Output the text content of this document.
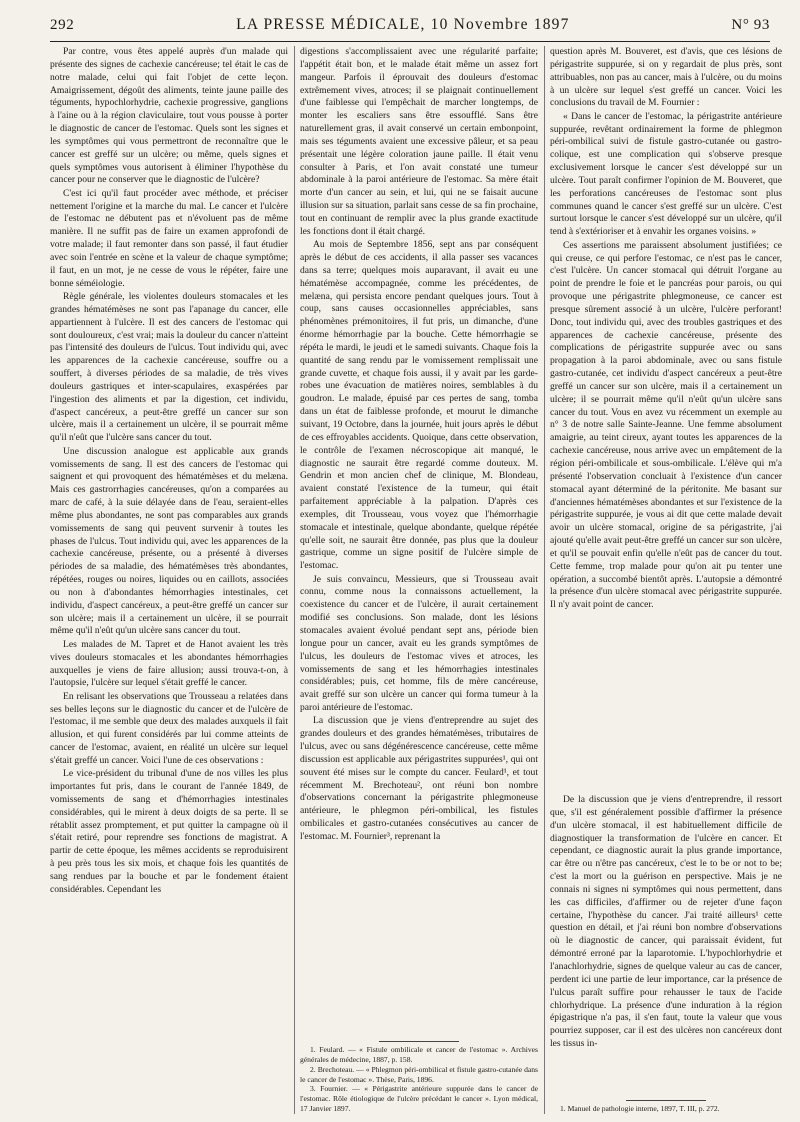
292	LA PRESSE MÉDICALE, 10 Novembre 1897	N° 93

Par contre, vous êtes appelé auprès d'un malade qui présente des signes de cachexie cancéreuse; tel était le cas de notre malade, celui qui fait l'objet de cette leçon. Amaigrissement, dégoût des aliments, teinte jaune paille des téguments, hypochlorhydrie, cachexie progressive, ganglions à l'aine ou à la région claviculaire, tout vous pousse à porter le diagnostic de cancer de l'estomac. Quels sont les signes et les symptômes qui vous permettront de reconnaître que le cancer est greffé sur un ulcère; ou même, quels signes et quels symptômes vous autorisent à éliminer l'hypothèse du cancer pour ne conserver que le diagnostic de l'ulcère?

C'est ici qu'il faut procéder avec méthode, et préciser nettement l'origine et la marche du mal. Le cancer et l'ulcère de l'estomac ne débutent pas et n'évoluent pas de même manière. Il ne suffit pas de faire un examen approfondi de votre malade; il faut remonter dans son passé, il faut étudier avec soin l'entrée en scène et la valeur de chaque symptôme; il faut, en un mot, je ne cesse de vous le répéter, faire une bonne séméiologie.

Règle générale, les violentes douleurs stomacales et les grandes hématémèses ne sont pas l'apanage du cancer, elle appartiennent à l'ulcère. Il est des cancers de l'estomac qui sont douloureux, c'est vrai; mais la douleur du cancer n'atteint pas l'intensité des douleurs de l'ulcus. Tout individu qui, avec les apparences de la cachexie cancéreuse, souffre ou a souffert, à diverses périodes de sa maladie, de très vives douleurs gastriques et inter-scapulaires, exaspérées par l'ingestion des aliments et par la digestion, cet individu, d'aspect cancéreux, a peut-être greffé un cancer sur son ulcère, mais il a certainement un ulcère, il se pourrait même qu'il n'eût que l'ulcère sans cancer du tout.

Une discussion analogue est applicable aux grands vomissements de sang. Il est des cancers de l'estomac qui saignent et qui provoquent des hématémèses et du melæna. Mais ces gastrorrhagies cancéreuses, qu'on a comparées au marc de café, à la suie délayée dans de l'eau, seraient-elles même plus abondantes, ne sont pas comparables aux grands vomissements de sang qui peuvent survenir à toutes les phases de l'ulcus. Tout individu qui, avec les apparences de la cachexie cancéreuse, présente, ou a présenté à diverses périodes de sa maladie, des hématémèses très abondantes, répétées, rouges ou noires, liquides ou en caillots, associées ou non à d'abondantes hémorrhagies intestinales, cet individu, d'aspect cancéreux, a peut-être greffé un cancer sur son ulcère; mais il a certainement un ulcère, il se pourrait même qu'il n'eût qu'un ulcère sans cancer du tout.

Les malades de M. Tapret et de Hanot avaient les très vives douleurs stomacales et les abondantes hémorrhagies auxquelles je viens de faire allusion; aussi trouva-t-on, à l'autopsie, l'ulcère sur lequel s'était greffé le cancer.

En relisant les observations que Trousseau a relatées dans ses belles leçons sur le diagnostic du cancer et de l'ulcère de l'estomac, il me semble que deux des malades auxquels il fait allusion, et qui furent considérés par lui comme atteints de cancer de l'estomac, avaient, en réalité un ulcère sur lequel s'était greffé un cancer. Voici l'une de ces observations :

Le vice-président du tribunal d'une de nos villes les plus importantes fut pris, dans le courant de l'année 1849, de vomissements de sang et d'hémorrhagies intestinales considérables, qui le mirent à deux doigts de sa perte. Il se rétablit assez promptement, et put quitter la campagne où il s'était retiré, pour reprendre ses fonctions de magistrat. A partir de cette époque, les mêmes accidents se reproduisirent à peu près tous les six mois, et chaque fois les quantités de sang rendues par la bouche et par le fondement étaient considérables. Cependant les

digestions s'accomplissaient avec une régularité parfaite; l'appétit était bon, et le malade était même un assez fort mangeur. Parfois il éprouvait des douleurs d'estomac extrêmement vives, atroces; il se plaignait continuellement d'une faiblesse qui l'empêchait de marcher longtemps, de monter les escaliers sans être essoufflé. Sans être naturellement gras, il avait conservé un certain embonpoint, mais ses téguments avaient une excessive pâleur, et sa peau présentait une légère coloration jaune paille. Il était venu consulter à Paris, et l'on avait constaté une tumeur abdominale à la paroi antérieure de l'estomac. Sa mère était morte d'un cancer au sein, et lui, qui ne se faisait aucune illusion sur sa situation, parlait sans cesse de sa fin prochaine, tout en continuant de remplir avec la plus grande exactitude les fonctions dont il était chargé.

Au mois de Septembre 1856, sept ans par conséquent après le début de ces accidents, il alla passer ses vacances dans sa terre; quelques mois auparavant, il avait eu une hématémèse accompagnée, comme les précédentes, de melæna, qui persista encore pendant quelques jours. Tout à coup, sans causes occasionnelles appréciables, sans phénomènes prémonitoires, il fut pris, un dimanche, d'une énorme hémorrhagie par la bouche. Cette hémorrhagie se répéta le mardi, le jeudi et le samedi suivants. Chaque fois la quantité de sang rendu par le vomissement remplissait une grande cuvette, et chaque fois aussi, il y avait par les garde-robes une évacuation de matières noires, semblables à du goudron. Le malade, épuisé par ces pertes de sang, tomba dans un état de faiblesse profonde, et mourut le dimanche suivant, 19 Octobre, dans la journée, huit jours après le début de ces effroyables accidents. Quoique, dans cette observation, le contrôle de l'examen nécroscopique ait manqué, le diagnostic ne saurait être regardé comme douteux. M. Gendrin et mon ancien chef de clinique, M. Blondeau, avaient constaté l'existence de la tumeur, qui était parfaitement appréciable à la palpation. D'après ces exemples, dit Trousseau, vous voyez que l'hémorrhagie stomacale et intestinale, quelque abondante, quelque répétée qu'elle soit, ne saurait être donnée, pas plus que la douleur gastrique, comme un signe positif de l'ulcère simple de l'estomac.

Je suis convaincu, Messieurs, que si Trousseau avait connu, comme nous la connaissons actuellement, la coexistence du cancer et de l'ulcère, il aurait certainement modifié ses conclusions. Son malade, dont les lésions stomacales avaient évolué pendant sept ans, période bien longue pour un cancer, avait eu les grands symptômes de l'ulcus, les douleurs de l'estomac vives et atroces, les vomissements de sang et les hémorrhagies intestinales considérables; puis, cet homme, fils de mère cancéreuse, avait greffé sur son ulcère un cancer qui forma tumeur à la paroi antérieure de l'estomac.

La discussion que je viens d'entreprendre au sujet des grandes douleurs et des grandes hématémèses, tributaires de l'ulcus, avec ou sans dégénérescence cancéreuse, cette même discussion est applicable aux périgastrites suppurées¹, qui ont souvent été mises sur le compte du cancer. Feulard¹, et tout récemment M. Brechoteau², ont réuni bon nombre d'observations concernant la périgastrite phlegmoneuse antérieure, le phlegmon péri-ombilical, les fistules ombilicales et gastro-cutanées consécutives au cancer de l'estomac. M. Fournier³, reprenant la

1. Feulard. — « Fistule ombilicale et cancer de l'estomac ». Archives générales de médecine, 1887, p. 158.

2. Brechoteau. — « Phlegmon péri-ombilical et fistule gastro-cutanée dans le cancer de l'estomac ». Thèse, Paris, 1896.

3. Fournier. — « Périgastrite antérieure suppurée dans le cancer de l'estomac. Rôle étiologique de l'ulcère précédant le cancer ». Lyon médical, 17 Janvier 1897.

question après M. Bouveret, est d'avis, que ces lésions de périgastrite suppurée, si on y regardait de plus près, sont attribuables, non pas au cancer, mais à l'ulcère, ou du moins à un ulcère sur lequel s'est greffé un cancer. Voici les conclusions du travail de M. Fournier :

« Dans le cancer de l'estomac, la périgastrite antérieure suppurée, revêtant ordinairement la forme de phlegmon péri-ombilical suivi de fistule gastro-cutanée ou gastro-colique, est une complication qui s'observe presque exclusivement lorsque le cancer s'est développé sur un ulcère. Tout paraît confirmer l'opinion de M. Bouveret, que les perforations cancéreuses de l'estomac sont plus communes quand le cancer s'est greffé sur un ulcère. C'est surtout lorsque le cancer s'est développé sur un ulcère, qu'il tend à s'extérioriser et à envahir les organes voisins. »

Ces assertions me paraissent absolument justifiées; ce qui creuse, ce qui perfore l'estomac, ce n'est pas le cancer, c'est l'ulcère. Un cancer stomacal qui détruit l'organe au point de prendre le foie et le pancréas pour parois, ou qui provoque une périgastrite phlegmoneuse, ce cancer est presque sûrement associé à un ulcère, l'ulcère perforant! Donc, tout individu qui, avec des troubles gastriques et des apparences de cachexie cancéreuse, présente des complications de périgastrite suppurée avec ou sans propagation à la paroi abdominale, avec ou sans fistule gastro-cutanée, cet individu d'aspect cancéreux a peut-être greffé un cancer sur son ulcère, mais il a certainement un ulcère; il se pourrait même qu'il n'eût qu'un ulcère sans cancer du tout. Vous en avez vu récemment un exemple au n° 3 de notre salle Sainte-Jeanne. Une femme absolument amaigrie, au teint cireux, ayant toutes les apparences de la cachexie cancéreuse, nous arrive avec un empâtement de la région péri-ombilicale et sous-ombilicale. L'élève qui m'a présenté l'observation concluait à l'existence d'un cancer stomacal ayant déterminé de la péritonite. Me basant sur d'anciennes hématémèses abondantes et sur l'existence de la périgastrite suppurée, je vous ai dit que cette malade devait avoir un ulcère stomacal, origine de sa périgastrite, j'ai ajouté qu'elle avait peut-être greffé un cancer sur son ulcère, et qu'il se pouvait enfin qu'elle n'eût pas de cancer du tout. Cette femme, trop malade pour qu'on ait pu tenter une opération, a succombé bientôt après. L'autopsie a démontré la présence d'un ulcère stomacal avec périgastrite suppurée. Il n'y avait point de cancer.

De la discussion que je viens d'entreprendre, il ressort que, s'il est généralement possible d'affirmer la présence d'un ulcère stomacal, il est habituellement difficile de diagnostiquer la transformation de l'ulcère en cancer. Et cependant, ce diagnostic aurait la plus grande importance, car être ou n'être pas cancéreux, c'est le to be or not to be; c'est la mort ou la guérison en perspective. Mais je ne connais ni signes ni symptômes qui nous permettent, dans les cas difficiles, d'affirmer ou de rejeter d'une façon certaine, l'hypothèse du cancer. J'ai traité ailleurs¹ cette question en détail, et j'ai réuni bon nombre d'observations où le diagnostic de cancer, qui paraissait évident, fut démontré erroné par la laparotomie. L'hypochlorhydrie et l'anachlorhydrie, signes de quelque valeur au cas de cancer, perdent ici une partie de leur importance, car la présence de l'ulcus paraît suffire pour rehausser le taux de l'acide chlorhydrique. La présence d'une induration à la région épigastrique n'a pas, il s'en faut, toute la valeur que vous pourriez supposer, car il est des ulcères non cancéreux dont les tissus in-

1. Manuel de pathologie interne, 1897, T. III, p. 272.
